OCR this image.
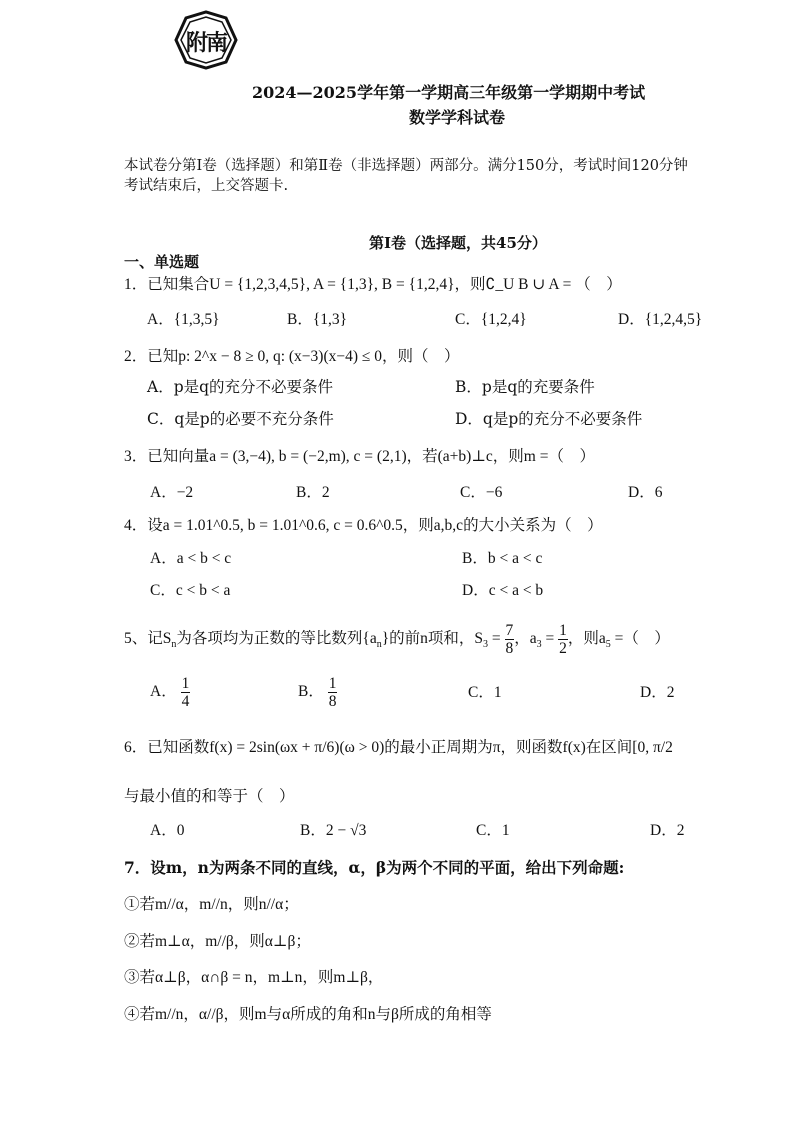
附南
2024—2025学年第一学期高三年级第一学期期中考试
数学学科试卷
本试卷分第Ⅰ卷（选择题）和第Ⅱ卷（非选择题）两部分。满分150分，考试时间120分钟
考试结束后，上交答题卡.
第Ⅰ卷（选择题，共45分）
一、单选题
1．已知集合U = {1,2,3,4,5}, A = {1,3}, B = {1,2,4}，则∁_U B ∪ A = （　）
A．{1,3,5}	B．{1,3}	C．{1,2,4}	D．{1,2,4,5}
2．已知p: 2^x − 8 ≥ 0, q: (x−3)(x−4) ≤ 0，则（　）
A．p是q的充分不必要条件	B．p是q的充要条件
C．q是p的必要不充分条件	D．q是p的充分不必要条件
3．已知向量a = (3,−4), b = (−2,m), c = (2,1)，若(a+b)⊥c，则m =（　）
A．−2	B．2	C．−6	D．6
4．设a = 1.01^0.5, b = 1.01^0.6, c = 0.6^0.5，则a,b,c的大小关系为（　）
A．a < b < c	B．b < a < c
C．c < b < a	D．c < a < b
5、记$S_n$为各项均为正数的等比数列$\{a_n\}$的前n项和，$S_3 = \frac{7}{8}$ ，$a_3 = \frac{1}{2}$ ，则$a_5$ =（　）
A． $\frac{1}{4}$	B． $\frac{1}{8}$	C．1	D．2
6．已知函数f(x) = 2sin(ωx + π/6)(ω > 0)的最小正周期为π，则函数f(x)在区间[0, π/2
与最小值的和等于（　）
A．0	B．2 − √3	C．1	D．2
7．设m，n为两条不同的直线，α，β为两个不同的平面，给出下列命题:
①若m//α，m//n，则n//α；
②若m⊥α，m//β，则α⊥β；
③若α⊥β，α∩β = n，m⊥n，则m⊥β，
④若m//n，α//β，则m与α所成的角和n与β所成的角相等
